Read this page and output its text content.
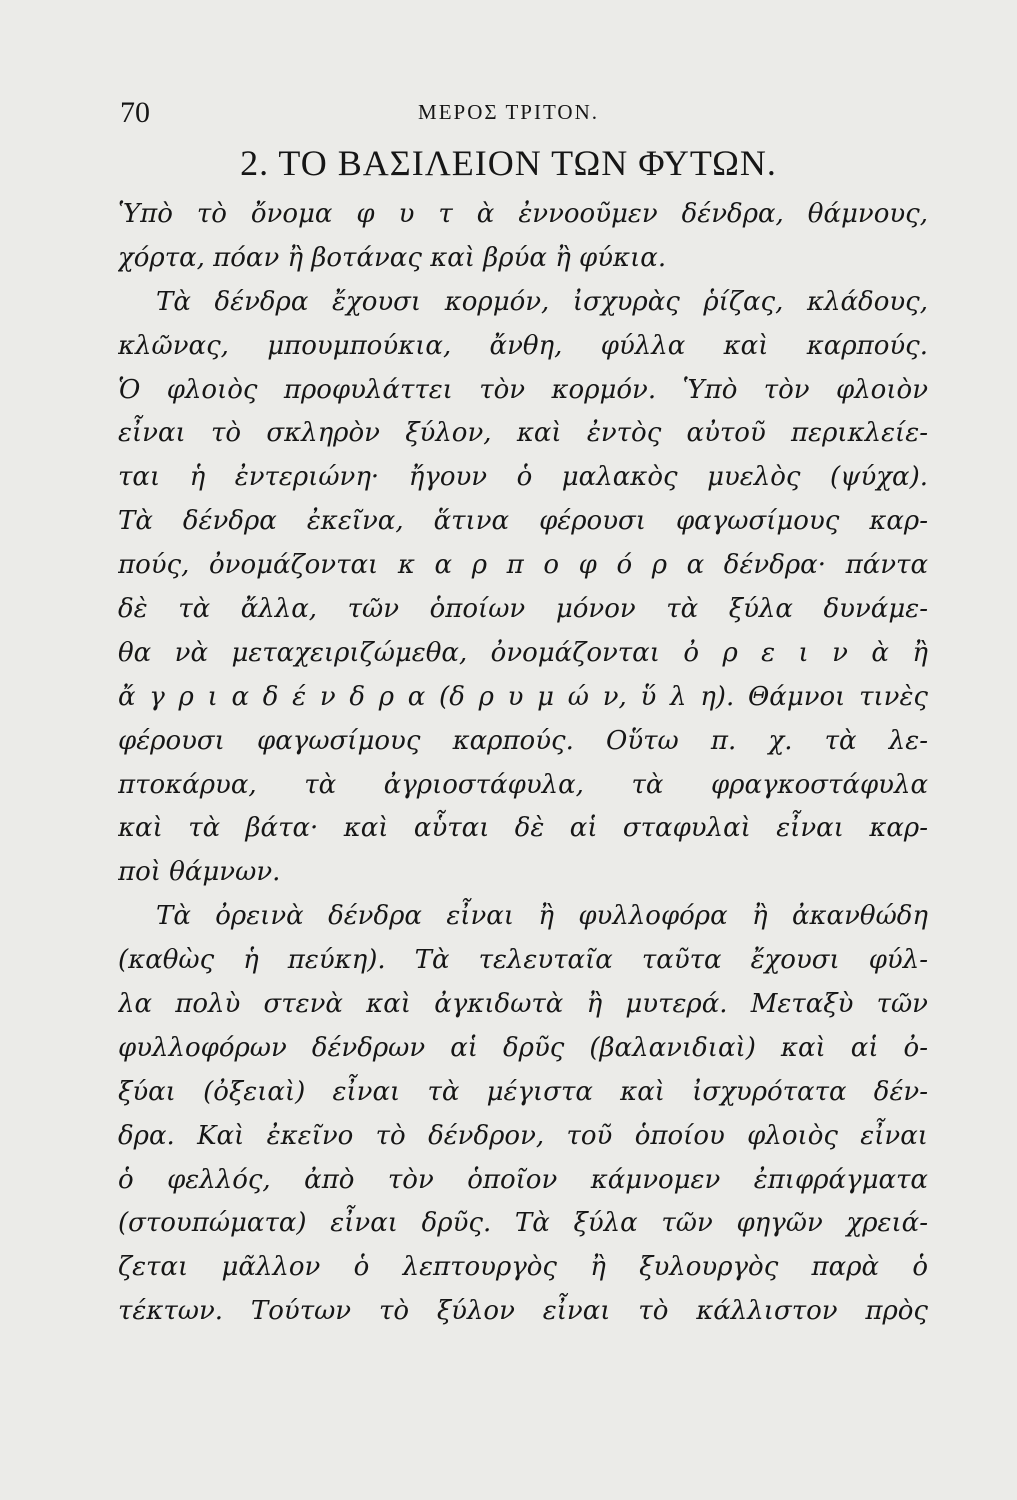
70	ΜΕΡΟΣ ΤΡΙΤΟΝ.
2. ΤΟ ΒΑΣΙΛΕΙΟΝ ΤΩΝ ΦΥΤΩΝ.
Ὑπὸ τὸ ὄνομα φ υ τ ὰ ἐννοοῦμεν δένδρα, θάμνους,
χόρτα, πόαν ἢ βοτάνας καὶ βρύα ἢ φύκια.
Τὰ δένδρα ἔχουσι κορμόν, ἰσχυρὰς ῥίζας, κλάδους,
κλῶνας, μπουμπούκια, ἄνθη, φύλλα καὶ καρπούς.
Ὁ φλοιὸς προφυλάττει τὸν κορμόν. Ὑπὸ τὸν φλοιὸν
εἶναι τὸ σκληρὸν ξύλον, καὶ ἐντὸς αὐτοῦ περικλείε-
ται ἡ ἐντεριώνη· ἤγουν ὁ μαλακὸς μυελὸς (ψύχα).
Τὰ δένδρα ἐκεῖνα, ἅτινα φέρουσι φαγωσίμους καρ-
πούς, ὀνομάζονται κ α ρ π ο φ ό ρ α δένδρα· πάντα
δὲ τὰ ἄλλα, τῶν ὁποίων μόνον τὰ ξύλα δυνάμε-
θα νὰ μεταχειριζώμεθα, ὀνομάζονται ὀ ρ ε ι ν ὰ ἢ
ἄ γ ρ ι α δ έ ν δ ρ α (δ ρ υ μ ώ ν, ὕ λ η). Θάμνοι τινὲς
φέρουσι φαγωσίμους καρπούς. Οὕτω π. χ. τὰ λε-
πτοκάρυα, τὰ ἀγριοστάφυλα, τὰ φραγκοστάφυλα
καὶ τὰ βάτα· καὶ αὗται δὲ αἱ σταφυλαὶ εἶναι καρ-
ποὶ θάμνων.
Τὰ ὀρεινὰ δένδρα εἶναι ἢ φυλλοφόρα ἢ ἀκανθώδη
(καθὼς ἡ πεύκη). Τὰ τελευταῖα ταῦτα ἔχουσι φύλ-
λα πολὺ στενὰ καὶ ἀγκιδωτὰ ἢ μυτερά. Μεταξὺ τῶν
φυλλοφόρων δένδρων αἱ δρῦς (βαλανιδιαὶ) καὶ αἱ ὀ-
ξύαι (ὀξειαὶ) εἶναι τὰ μέγιστα καὶ ἰσχυρότατα δέν-
δρα. Καὶ ἐκεῖνο τὸ δένδρον, τοῦ ὁποίου φλοιὸς εἶναι
ὁ φελλός, ἀπὸ τὸν ὁποῖον κάμνομεν ἐπιφράγματα
(στουπώματα) εἶναι δρῦς. Τὰ ξύλα τῶν φηγῶν χρειά-
ζεται μᾶλλον ὁ λεπτουργὸς ἢ ξυλουργὸς παρὰ ὁ
τέκτων. Τούτων τὸ ξύλον εἶναι τὸ κάλλιστον πρὸς
